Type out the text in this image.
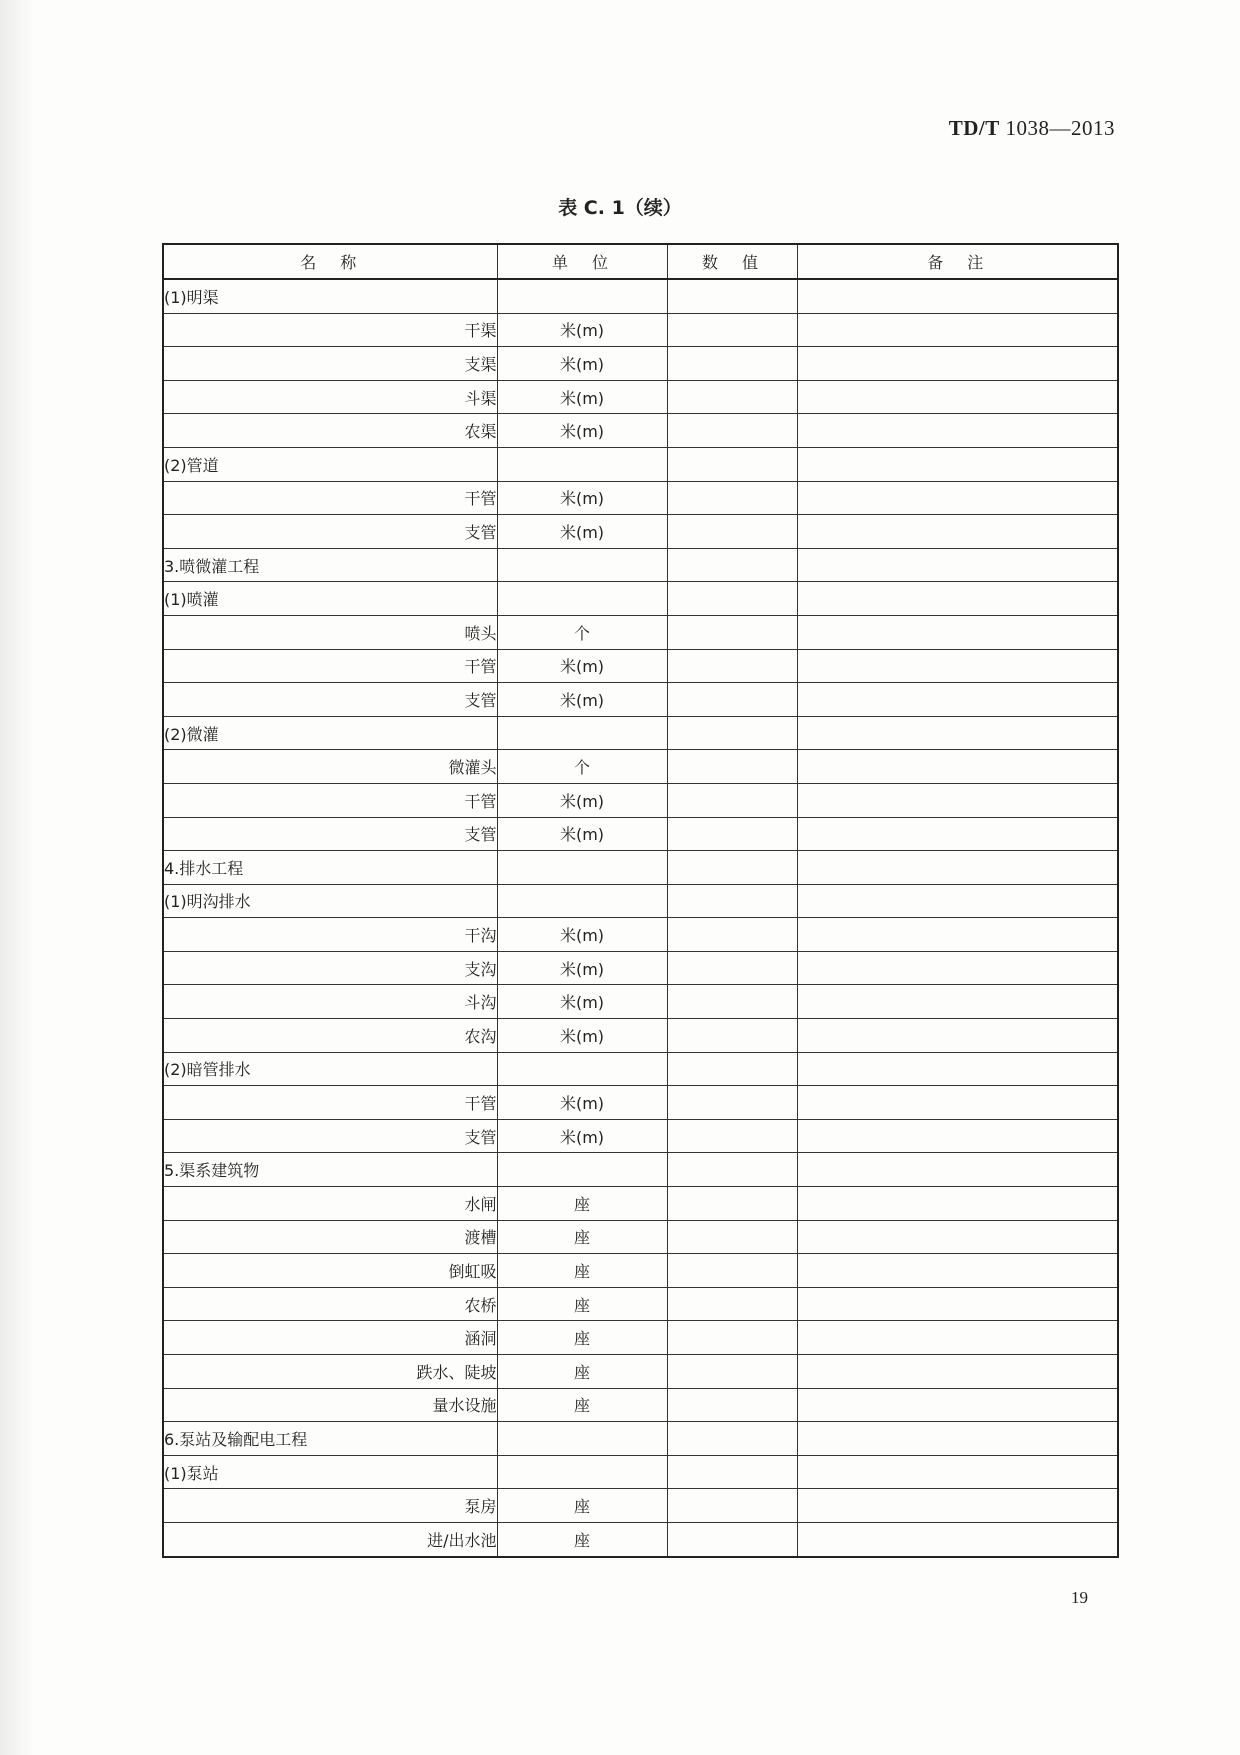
TD/T 1038—2013
表 C. 1（续）
名　称	单　位	数　值	备　注
(1)明渠			
干渠	米(m)		
支渠	米(m)		
斗渠	米(m)		
农渠	米(m)		
(2)管道			
干管	米(m)		
支管	米(m)		
3.喷微灌工程			
(1)喷灌			
喷头	个		
干管	米(m)		
支管	米(m)		
(2)微灌			
微灌头	个		
干管	米(m)		
支管	米(m)		
4.排水工程			
(1)明沟排水			
干沟	米(m)		
支沟	米(m)		
斗沟	米(m)		
农沟	米(m)		
(2)暗管排水			
干管	米(m)		
支管	米(m)		
5.渠系建筑物			
水闸	座		
渡槽	座		
倒虹吸	座		
农桥	座		
涵洞	座		
跌水、陡坡	座		
量水设施	座		
6.泵站及输配电工程			
(1)泵站			
泵房	座		
进/出水池	座		
19
